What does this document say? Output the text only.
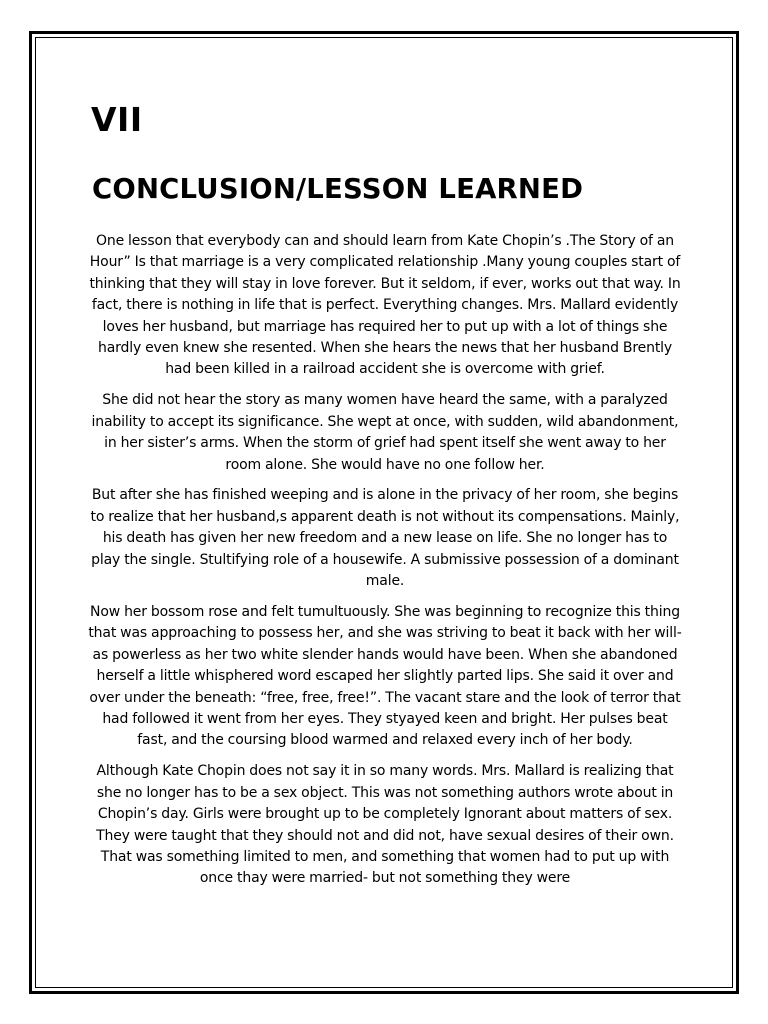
VII
CONCLUSION/LESSON LEARNED

One lesson that everybody can and should learn from Kate Chopin’s .The Story of an Hour” Is that marriage is a very complicated relationship .Many young couples start of thinking that they will stay in love forever. But it seldom, if ever, works out that way. In fact, there is nothing in life that is perfect. Everything changes. Mrs. Mallard evidently loves her husband, but marriage has required her to put up with a lot of things she hardly even knew she resented. When she hears the news that her husband Brently had been killed in a railroad accident she is overcome with grief.

She did not hear the story as many women have heard the same, with a paralyzed inability to accept its significance. She wept at once, with sudden, wild abandonment, in her sister’s arms. When the storm of grief had spent itself she went away to her room alone. She would have no one follow her.

But after she has finished weeping and is alone in the privacy of her room, she begins to realize that her husband,s apparent death is not without its compensations. Mainly, his death has given her new freedom and a new lease on life. She no longer has to play the single. Stultifying role of a housewife. A submissive possession of a dominant male.

Now her bossom rose and felt tumultuously. She was beginning to recognize this thing that was approaching to possess her, and she was striving to beat it back with her will-as powerless as her two white slender hands would have been. When she abandoned herself a little whisphered word escaped her slightly parted lips. She said it over and over under the beneath: “free, free, free!”. The vacant stare and the look of terror that had followed it went from her eyes. They styayed keen and bright. Her pulses beat fast, and the coursing blood warmed and relaxed every inch of her body.

Although Kate Chopin does not say it in so many words. Mrs. Mallard is realizing that she no longer has to be a sex object. This was not something authors wrote about in Chopin’s day. Girls were brought up to be completely Ignorant about matters of sex. They were taught that they should not and did not, have sexual desires of their own. That was something limited to men, and something that women had to put up with once thay were married- but not something they were
